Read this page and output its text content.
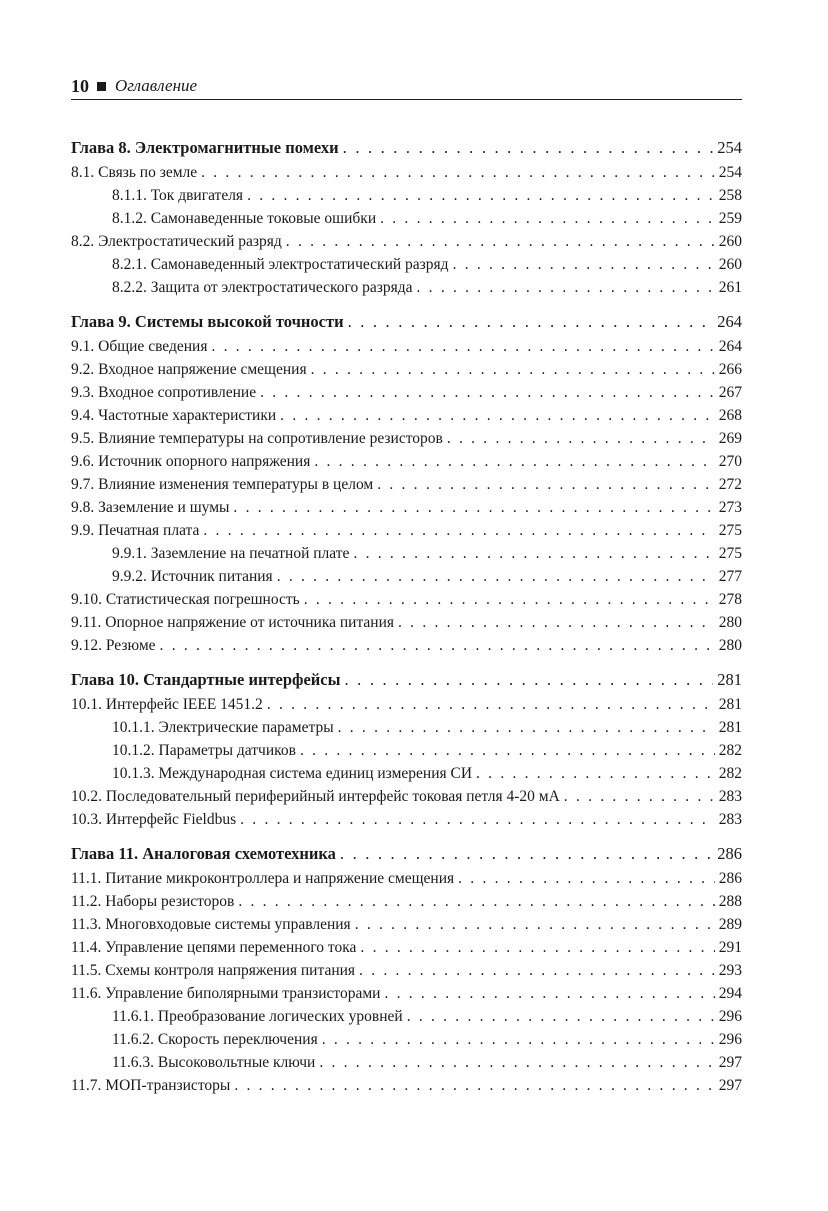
10 Оглавление
Глава 8. Электромагнитные помехи . . .	254
8.1. Связь по земле . . .	254
8.1.1. Ток двигателя . . .	258
8.1.2. Самонаведенные токовые ошибки . . .	259
8.2. Электростатический разряд . . .	260
8.2.1. Самонаведенный электростатический разряд . . .	260
8.2.2. Защита от электростатического разряда . . .	261
Глава 9. Системы высокой точности . . .	264
9.1. Общие сведения . . .	264
9.2. Входное напряжение смещения . . .	266
9.3. Входное сопротивление . . .	267
9.4. Частотные характеристики . . .	268
9.5. Влияние температуры на сопротивление резисторов . . .	269
9.6. Источник опорного напряжения . . .	270
9.7. Влияние изменения температуры в целом . . .	272
9.8. Заземление и шумы . . .	273
9.9. Печатная плата . . .	275
9.9.1. Заземление на печатной плате . . .	275
9.9.2. Источник питания . . .	277
9.10. Статистическая погрешность . . .	278
9.11. Опорное напряжение от источника питания . . .	280
9.12. Резюме . . .	280
Глава 10. Стандартные интерфейсы . . .	281
10.1. Интерфейс IEEE 1451.2 . . .	281
10.1.1. Электрические параметры . . .	281
10.1.2. Параметры датчиков . . .	282
10.1.3. Международная система единиц измерения СИ . . .	282
10.2. Последовательный периферийный интерфейс токовая петля 4-20 мА . . .	283
10.3. Интерфейс Fieldbus . . .	283
Глава 11. Аналоговая схемотехника . . .	286
11.1. Питание микроконтроллера и напряжение смещения . . .	286
11.2. Наборы резисторов . . .	288
11.3. Многовходовые системы управления . . .	289
11.4. Управление цепями переменного тока . . .	291
11.5. Схемы контроля напряжения питания . . .	293
11.6. Управление биполярными транзисторами . . .	294
11.6.1. Преобразование логических уровней . . .	296
11.6.2. Скорость переключения . . .	296
11.6.3. Высоковольтные ключи . . .	297
11.7. МОП-транзисторы . . .	297
